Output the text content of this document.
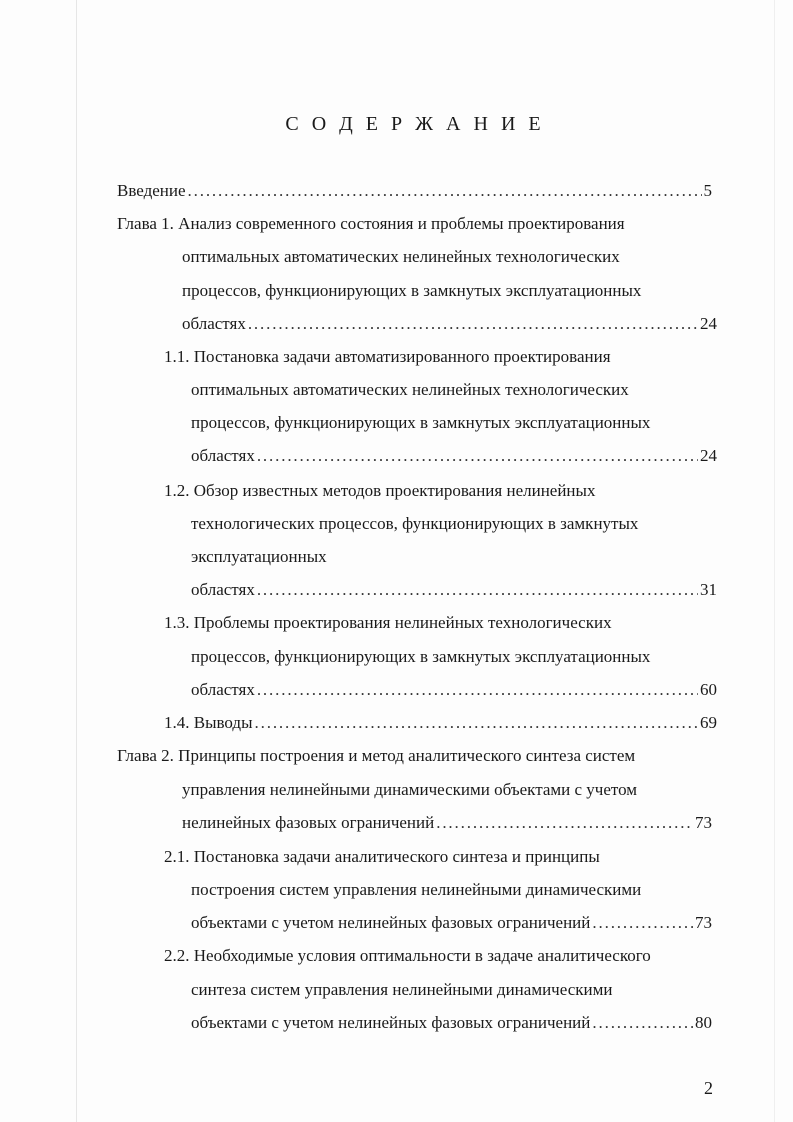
С О Д Е Р Ж А Н И Е
Введение . . .	5
Глава 1. Анализ современного состояния и проблемы проектирования
оптимальных автоматических нелинейных технологических
процессов, функционирующих в замкнутых эксплуатационных
областях . . .	24
1.1. Постановка задачи автоматизированного проектирования
оптимальных автоматических нелинейных технологических
процессов, функционирующих в замкнутых эксплуатационных
областях . . .	24
1.2. Обзор известных методов проектирования нелинейных
технологических процессов, функционирующих в замкнутых
эксплуатационных
областях . . .	31
1.3. Проблемы проектирования нелинейных технологических
процессов, функционирующих в замкнутых эксплуатационных
областях . . .	60
1.4. Выводы . . .	69
Глава 2. Принципы построения и метод аналитического синтеза систем
управления нелинейными динамическими объектами с учетом
нелинейных фазовых ограничений . . .	73
2.1. Постановка задачи аналитического синтеза и принципы
построения систем управления нелинейными динамическими
объектами с учетом нелинейных фазовых ограничений . . .	73
2.2. Необходимые условия оптимальности в задаче аналитического
синтеза систем управления нелинейными динамическими
объектами с учетом нелинейных фазовых ограничений . . .	80
2
